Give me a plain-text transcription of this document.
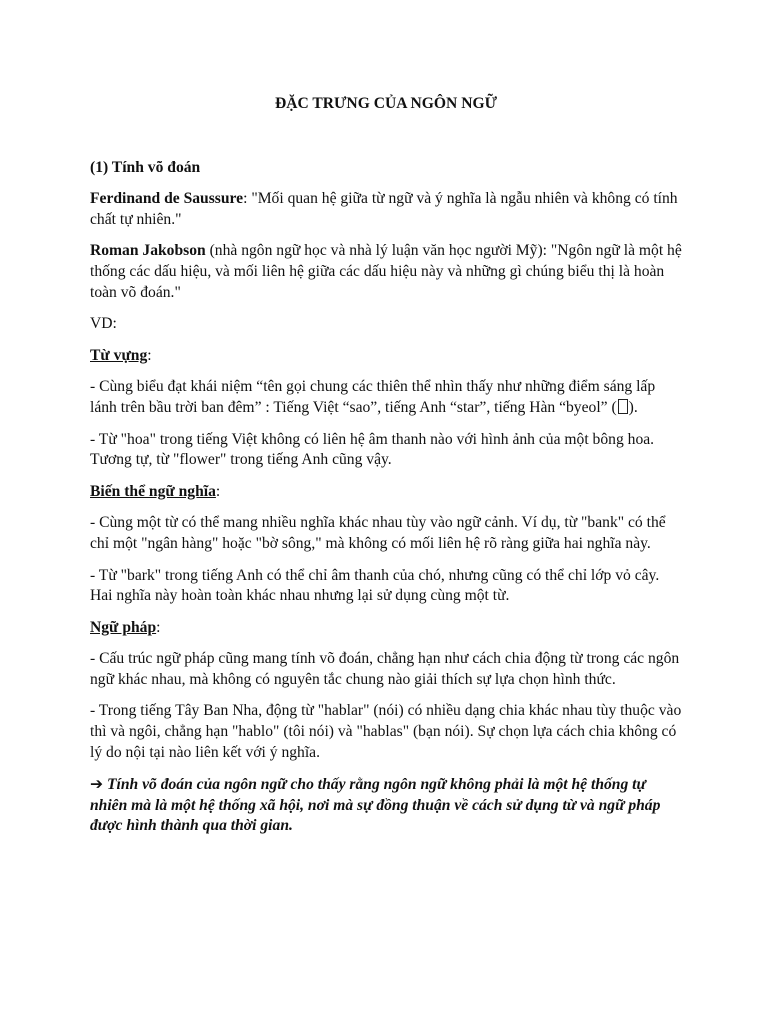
ĐẶC TRƯNG CỦA NGÔN NGỮ

(1) Tính võ đoán

Ferdinand de Saussure: "Mối quan hệ giữa từ ngữ và ý nghĩa là ngẫu nhiên và không có tính chất tự nhiên."

Roman Jakobson (nhà ngôn ngữ học và nhà lý luận văn học người Mỹ): "Ngôn ngữ là một hệ thống các dấu hiệu, và mối liên hệ giữa các dấu hiệu này và những gì chúng biểu thị là hoàn toàn võ đoán."

VD:

Từ vựng:

- Cùng biểu đạt khái niệm “tên gọi chung các thiên thể nhìn thấy như những điểm sáng lấp lánh trên bầu trời ban đêm” : Tiếng Việt “sao”, tiếng Anh “star”, tiếng Hàn “byeol” ( ).

- Từ "hoa" trong tiếng Việt không có liên hệ âm thanh nào với hình ảnh của một bông hoa. Tương tự, từ "flower" trong tiếng Anh cũng vậy.

Biến thể ngữ nghĩa:

- Cùng một từ có thể mang nhiều nghĩa khác nhau tùy vào ngữ cảnh. Ví dụ, từ "bank" có thể chỉ một "ngân hàng" hoặc "bờ sông," mà không có mối liên hệ rõ ràng giữa hai nghĩa này.

- Từ "bark" trong tiếng Anh có thể chỉ âm thanh của chó, nhưng cũng có thể chỉ lớp vỏ cây. Hai nghĩa này hoàn toàn khác nhau nhưng lại sử dụng cùng một từ.

Ngữ pháp:

- Cấu trúc ngữ pháp cũng mang tính võ đoán, chẳng hạn như cách chia động từ trong các ngôn ngữ khác nhau, mà không có nguyên tắc chung nào giải thích sự lựa chọn hình thức.

- Trong tiếng Tây Ban Nha, động từ "hablar" (nói) có nhiều dạng chia khác nhau tùy thuộc vào thì và ngôi, chẳng hạn "hablo" (tôi nói) và "hablas" (bạn nói). Sự chọn lựa cách chia không có lý do nội tại nào liên kết với ý nghĩa.

➔ Tính võ đoán của ngôn ngữ cho thấy rằng ngôn ngữ không phải là một hệ thống tự nhiên mà là một hệ thống xã hội, nơi mà sự đồng thuận về cách sử dụng từ và ngữ pháp được hình thành qua thời gian.
